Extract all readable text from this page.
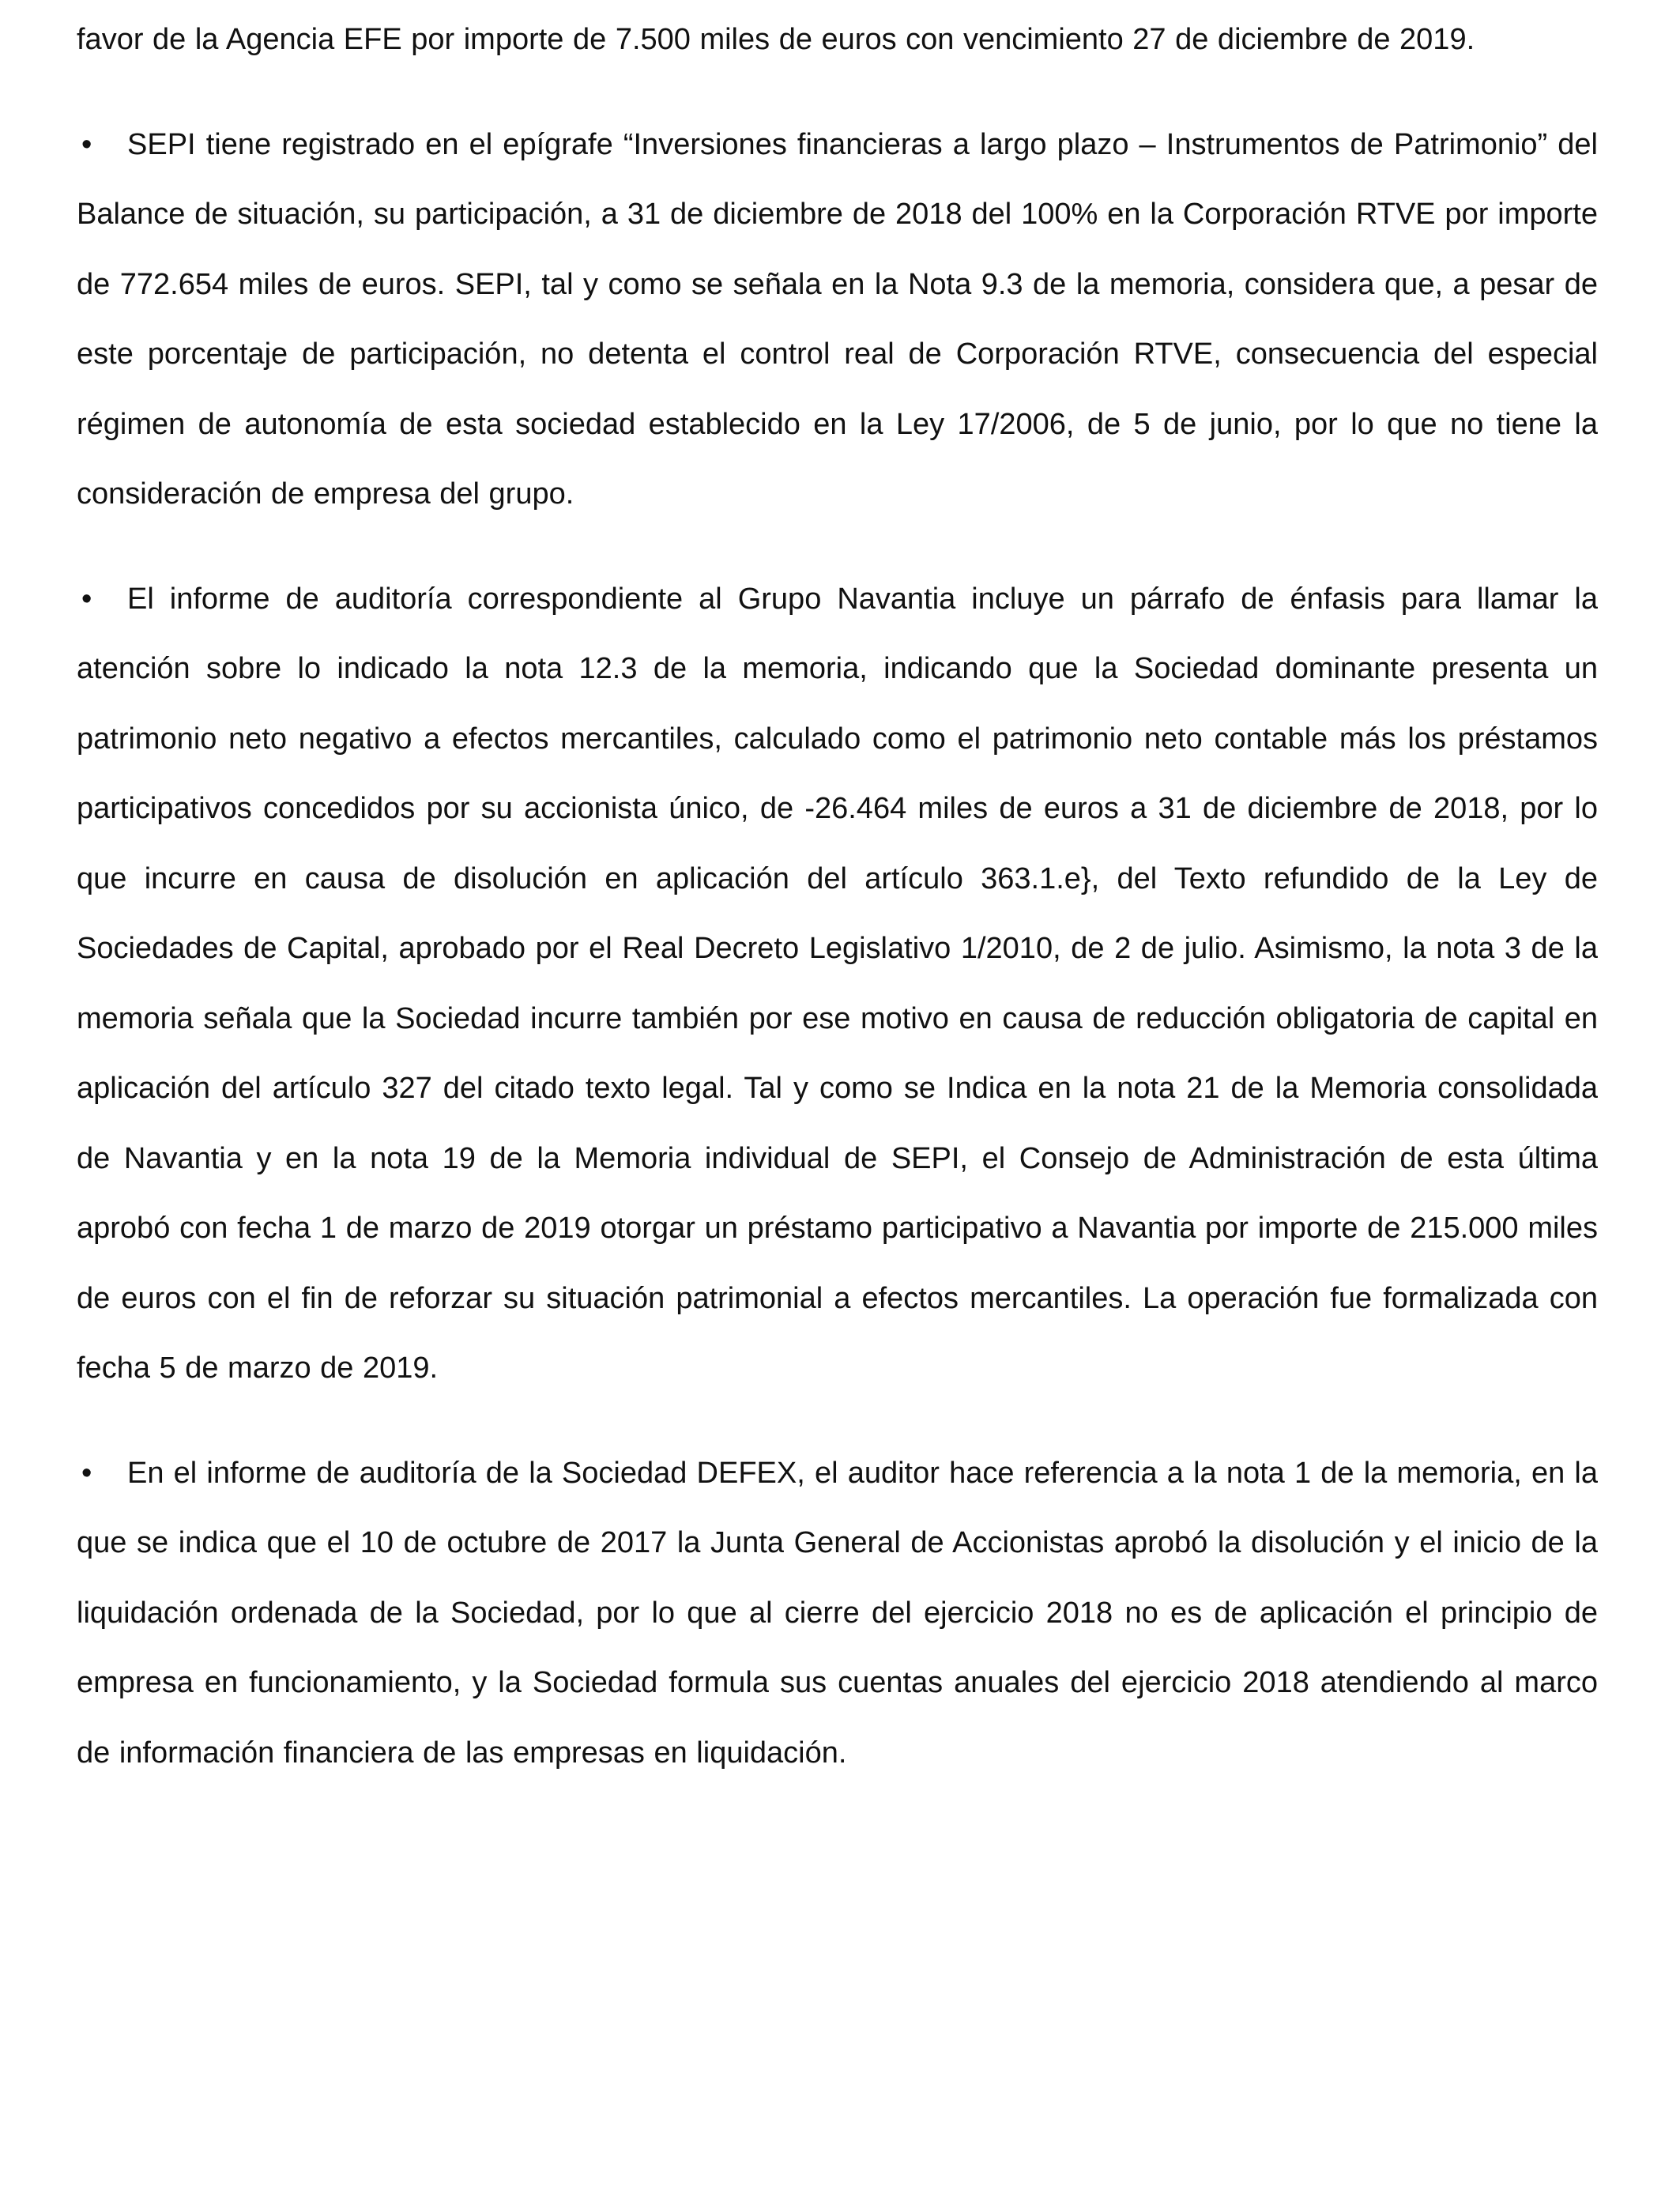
favor de la Agencia EFE por importe de 7.500 miles de euros con vencimiento 27 de diciembre de 2019.

•SEPI tiene registrado en el epígrafe “Inversiones financieras a largo plazo – Instrumentos de Patrimonio” del Balance de situación, su participación, a 31 de diciembre de 2018 del 100% en la Corporación RTVE por importe de 772.654 miles de euros. SEPI, tal y como se señala en la Nota 9.3 de la memoria, considera que, a pesar de este porcentaje de participación, no detenta el control real de Corporación RTVE, consecuencia del especial régimen de autonomía de esta sociedad establecido en la Ley 17/2006, de 5 de junio, por lo que no tiene la consideración de empresa del grupo.

•El informe de auditoría correspondiente al Grupo Navantia incluye un párrafo de énfasis para llamar la atención sobre lo indicado la nota 12.3 de la memoria, indicando que la Sociedad dominante presenta un patrimonio neto negativo a efectos mercantiles, calculado como el patrimonio neto contable más los préstamos participativos concedidos por su accionista único, de -26.464 miles de euros a 31 de diciembre de 2018, por lo que incurre en causa de disolución en aplicación del artículo 363.1.e}, del Texto refundido de la Ley de Sociedades de Capital, aprobado por el Real Decreto Legislativo 1/2010, de 2 de julio. Asimismo, la nota 3 de la memoria señala que la Sociedad incurre también por ese motivo en causa de reducción obligatoria de capital en aplicación del artículo 327 del citado texto legal. Tal y como se Indica en la nota 21 de la Memoria consolidada de Navantia y en la nota 19 de la Memoria individual de SEPI, el Consejo de Administración de esta última aprobó con fecha 1 de marzo de 2019 otorgar un préstamo participativo a Navantia por importe de 215.000 miles de euros con el fin de reforzar su situación patrimonial a efectos mercantiles. La operación fue formalizada con fecha 5 de marzo de 2019.

•En el informe de auditoría de la Sociedad DEFEX, el auditor hace referencia a la nota 1 de la memoria, en la que se indica que el 10 de octubre de 2017 la Junta General de Accionistas aprobó la disolución y el inicio de la liquidación ordenada de la Sociedad, por lo que al cierre del ejercicio 2018 no es de aplicación el principio de empresa en funcionamiento, y la Sociedad formula sus cuentas anuales del ejercicio 2018 atendiendo al marco de información financiera de las empresas en liquidación.
